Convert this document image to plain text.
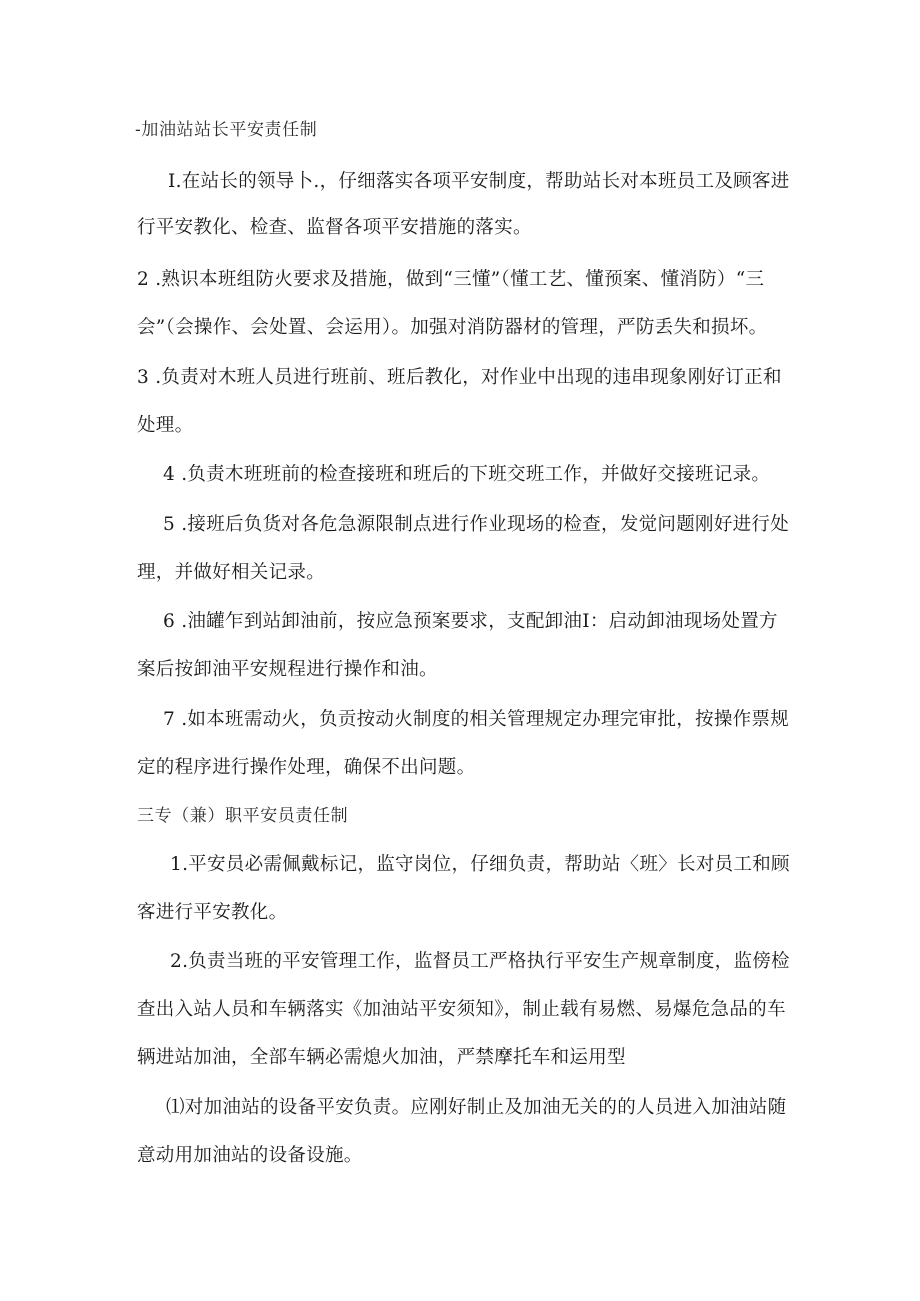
-加油站站长平安责任制
I.在站长的领导卜.，仔细落实各项平安制度，帮助站长对本班员工及顾客进
行平安教化、检查、监督各项平安措施的落实。
2 .熟识本班组防火要求及措施，做到“三懂”（懂工艺、懂预案、懂消防）“三
会”（会操作、会处置、会运用）。加强对消防器材的管理，严防丢失和损坏。
3 .负责对木班人员进行班前、班后教化，对作业中出现的违串现象刚好订正和
处理。
4 .负责木班班前的检查接班和班后的下班交班工作，并做好交接班记录。
5 .接班后负货对各危急源限制点进行作业现场的检查，发觉问题刚好进行处
理，并做好相关记录。
6 .油罐乍到站卸油前，按应急预案要求，支配卸油I：启动卸油现场处置方
案后按卸油平安规程进行操作和油。
7 .如本班需动火，负贡按动火制度的相关管理规定办理完审批，按操作票规
定的程序进行操作处理，确保不出问题。
三专（兼）职平安员责任制
1.平安员必需佩戴标记，监守岗位，仔细负责，帮助站〈班〉长对员工和顾
客进行平安教化。
2.负责当班的平安管理工作，监督员工严格执行平安生产规章制度，监傍检
查出入站人员和车辆落实《加油站平安须知》，制止载有易燃、易爆危急品的车
辆进站加油，全部车辆必需熄火加油，严禁摩托车和运用型
⑴对加油站的设备平安负责。应刚好制止及加油无关的的人员进入加油站随
意动用加油站的设备设施。
